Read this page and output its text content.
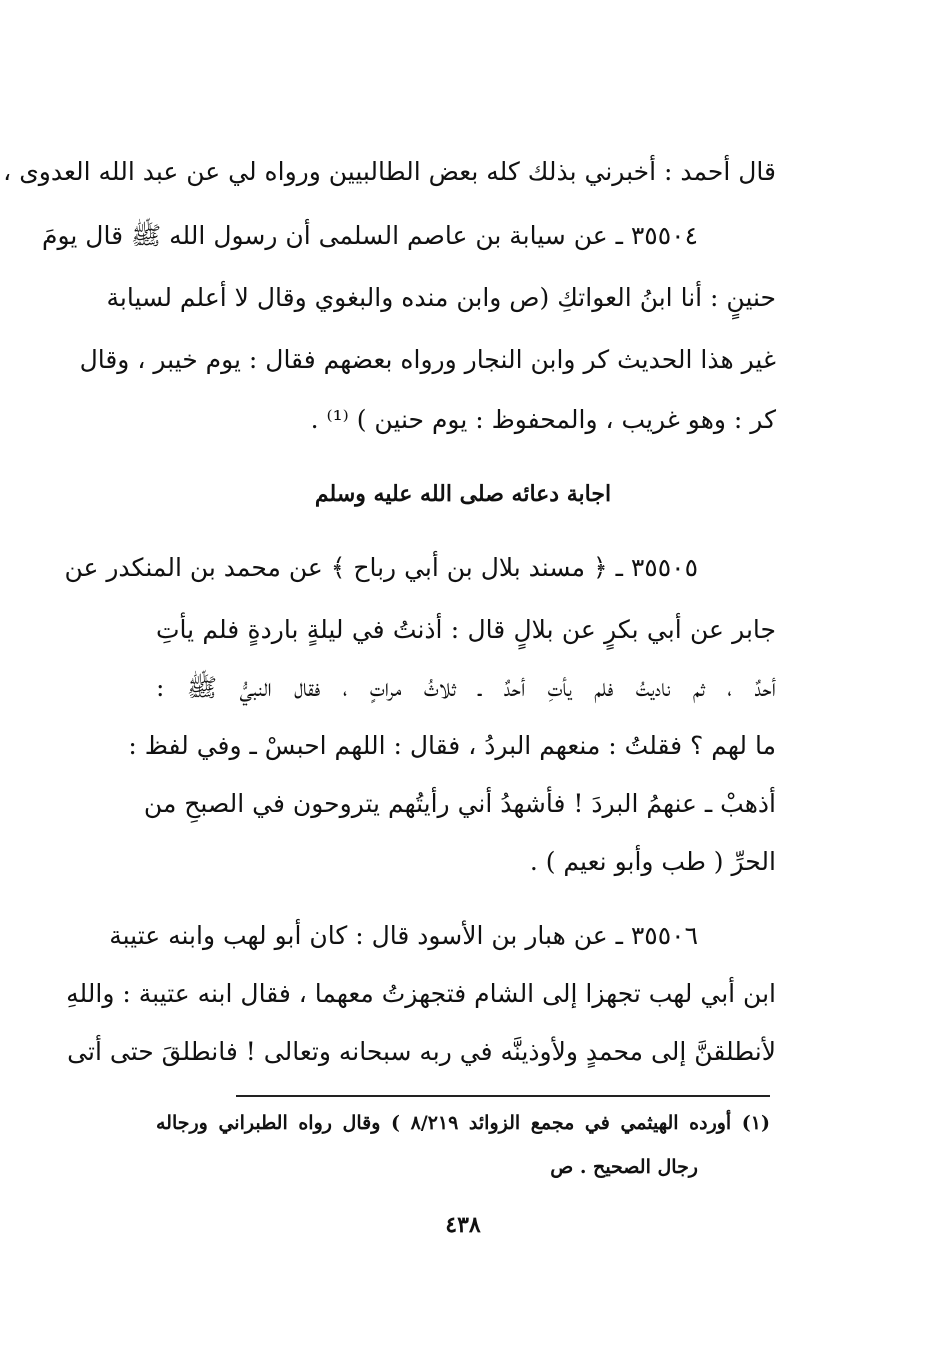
قال أحمد : أخبرني بذلك كله بعض الطالبيين ورواه لي عن عبد الله العدوى ،
٣٥٥٠٤ ـ عن سيابة بن عاصم السلمى أن رسول الله ﷺ قال يومَ
حنينٍ : أنا ابنُ العواتكِ (ص وابن منده والبغوي وقال لا أعلم لسيابة
غير هذا الحديث كر وابن النجار ورواه بعضهم فقال : يوم خيبر ، وقال
كر : وهو غريب ، والمحفوظ : يوم حنين ) ⁽¹⁾ .
اجابة دعائه صلى الله عليه وسلم
٣٥٥٠٥ ـ ﴿ مسند بلال بن أبي رباح ﴾ عن محمد بن المنكدر عن
جابر عن أبي بكرٍ عن بلالٍ قال : أذنتُ في ليلةٍ باردةٍ فلم يأتِ
أحدٌ ، ثم ناديتُ فلم يأتِ أحدٌ ـ ثلاثُ مراتٍ ، فقال النبيُّ ﷺ :
ما لهم ؟ فقلتُ : منعهم البردُ ، فقال : اللهم احبسْ ـ وفي لفظ :
أذهبْ ـ عنهمُ البردَ ! فأشهدُ أني رأيتُهم يتروحون في الصبحِ من
الحرِّ ( طب وأبو نعيم ) .
٣٥٥٠٦ ـ عن هبار بن الأسود قال : كان أبو لهب وابنه عتيبة
ابن أبي لهب تجهزا إلى الشام فتجهزتُ معهما ، فقال ابنه عتيبة : واللهِ
لأنطلقنَّ إلى محمدٍ ولأوذينَّه في ربه سبحانه وتعالى ! فانطلقَ حتى أتى
(١) أورده الهيثمي في مجمع الزوائد ٨/٢١٩ ) وقال رواه الطبراني ورجاله
رجال الصحيح . ص
٤٣٨
